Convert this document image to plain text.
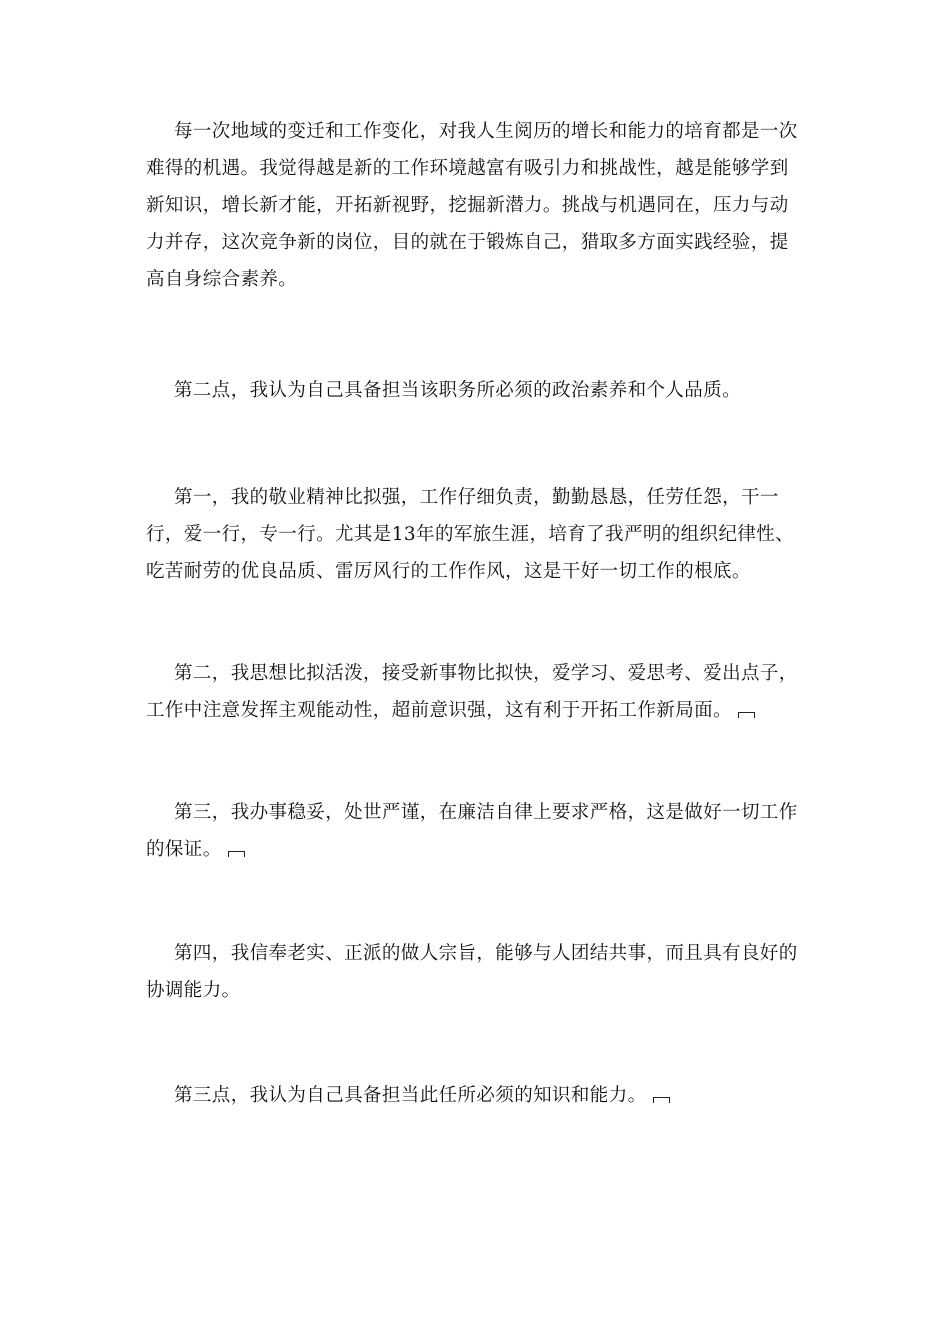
每一次地域的变迁和工作变化，对我人生阅历的增长和能力的培育都是一次难得的机遇。我觉得越是新的工作环境越富有吸引力和挑战性，越是能够学到新知识，增长新才能，开拓新视野，挖掘新潜力。挑战与机遇同在，压力与动力并存，这次竞争新的岗位，目的就在于锻炼自己，猎取多方面实践经验，提高自身综合素养。

第二点，我认为自己具备担当该职务所必须的政治素养和个人品质。

第一，我的敬业精神比拟强，工作仔细负责，勤勤恳恳，任劳任怨，干一行，爱一行，专一行。尤其是13年的军旅生涯，培育了我严明的组织纪律性、吃苦耐劳的优良品质、雷厉风行的工作作风，这是干好一切工作的根底。

第二，我思想比拟活泼，接受新事物比拟快，爱学习、爱思考、爱出点子，工作中注意发挥主观能动性，超前意识强，这有利于开拓工作新局面。

第三，我办事稳妥，处世严谨，在廉洁自律上要求严格，这是做好一切工作的保证。

第四，我信奉老实、正派的做人宗旨，能够与人团结共事，而且具有良好的协调能力。

第三点，我认为自己具备担当此任所必须的知识和能力。
